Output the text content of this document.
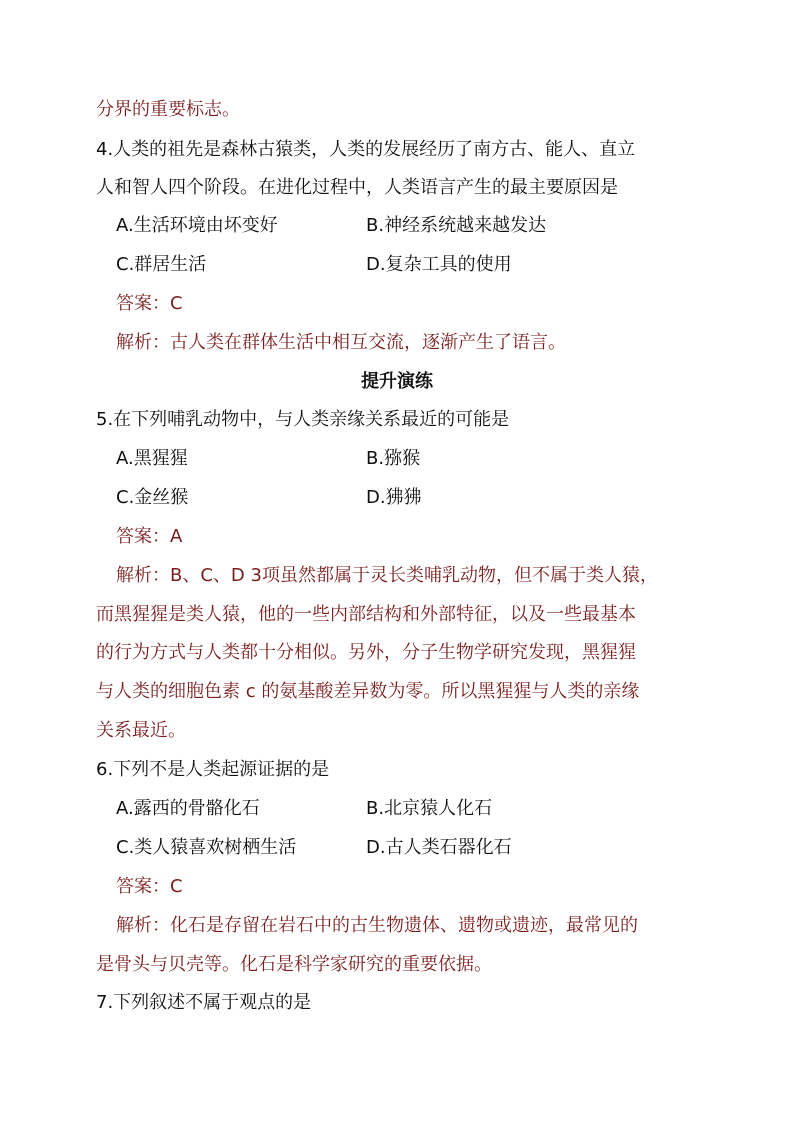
分界的重要标志。
4.人类的祖先是森林古猿类，人类的发展经历了南方古、能人、直立
人和智人四个阶段。在进化过程中，人类语言产生的最主要原因是
A.生活环境由坏变好	B.神经系统越来越发达
C.群居生活	D.复杂工具的使用
答案：C
解析：古人类在群体生活中相互交流，逐渐产生了语言。
提升演练
5.在下列哺乳动物中，与人类亲缘关系最近的可能是
A.黑猩猩	B.猕猴
C.金丝猴	D.狒狒
答案：A
解析：B、C、D 3项虽然都属于灵长类哺乳动物，但不属于类人猿，
而黑猩猩是类人猿，他的一些内部结构和外部特征，以及一些最基本
的行为方式与人类都十分相似。另外，分子生物学研究发现，黑猩猩
与人类的细胞色素 c 的氨基酸差异数为零。所以黑猩猩与人类的亲缘
关系最近。
6.下列不是人类起源证据的是
A.露西的骨骼化石	B.北京猿人化石
C.类人猿喜欢树栖生活	D.古人类石器化石
答案：C
解析：化石是存留在岩石中的古生物遗体、遗物或遗迹，最常见的
是骨头与贝壳等。化石是科学家研究的重要依据。
7.下列叙述不属于观点的是
